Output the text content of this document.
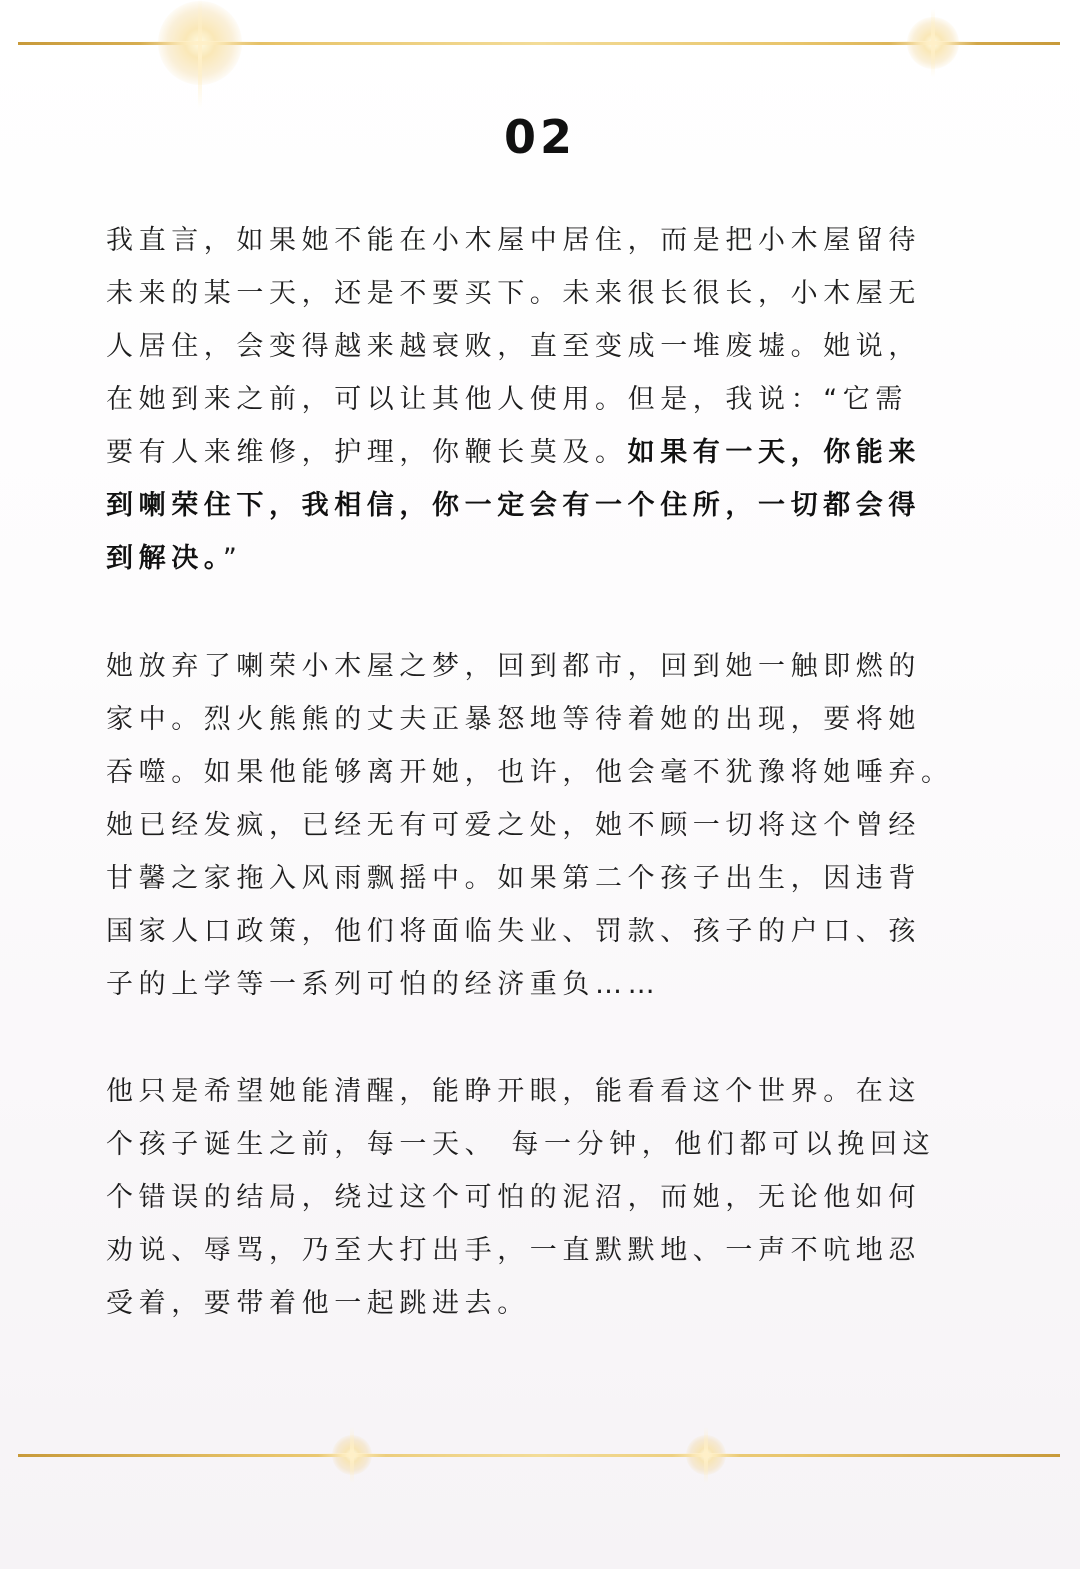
02
我直言，如果她不能在小木屋中居住，而是把小木屋留待
未来的某一天，还是不要买下。未来很长很长，小木屋无
人居住，会变得越来越衰败，直至变成一堆废墟。她说，
在她到来之前，可以让其他人使用。但是，我说：“它需
要有人来维修，护理，你鞭长莫及。如果有一天，你能来
到喇荣住下，我相信，你一定会有一个住所，一切都会得
到解决。”
她放弃了喇荣小木屋之梦，回到都市，回到她一触即燃的
家中。烈火熊熊的丈夫正暴怒地等待着她的出现，要将她
吞噬。如果他能够离开她，也许，他会毫不犹豫将她唾弃。
她已经发疯，已经无有可爱之处，她不顾一切将这个曾经
甘馨之家拖入风雨飘摇中。如果第二个孩子出生，因违背
国家人口政策，他们将面临失业、罚款、孩子的户口、孩
子的上学等一系列可怕的经济重负……
他只是希望她能清醒，能睁开眼，能看看这个世界。在这
个孩子诞生之前，每一天、 每一分钟，他们都可以挽回这
个错误的结局，绕过这个可怕的泥沼，而她，无论他如何
劝说、辱骂，乃至大打出手，一直默默地、一声不吭地忍
受着，要带着他一起跳进去。
